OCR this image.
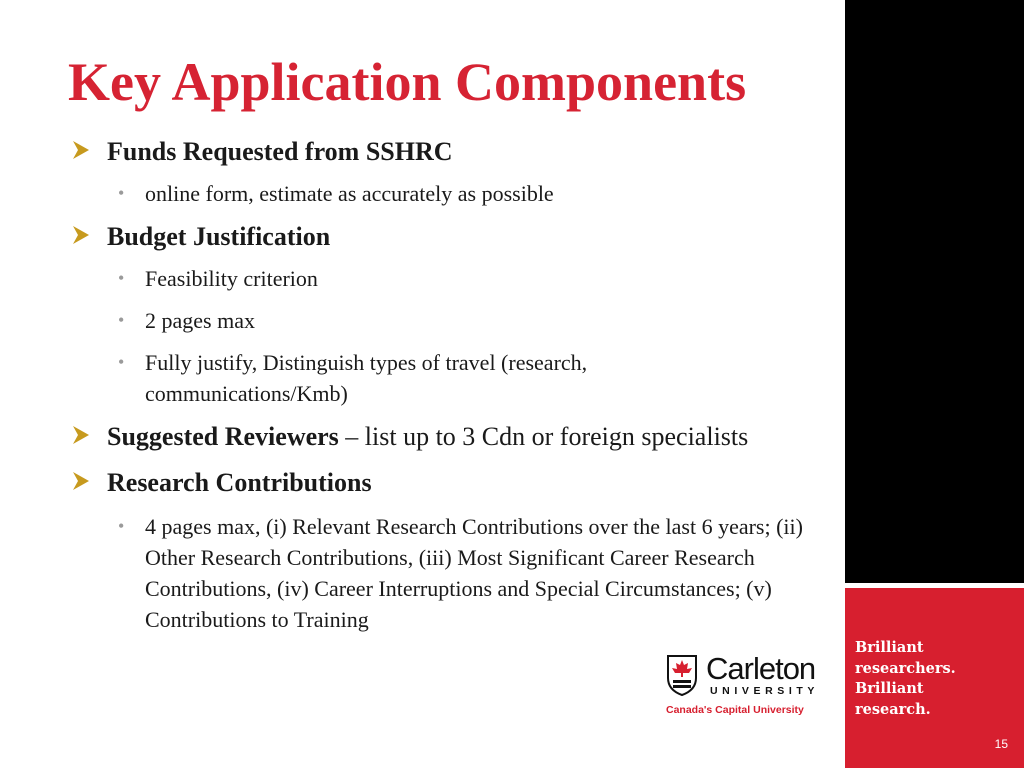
Key Application Components
Funds Requested from SSHRC
• online form, estimate as accurately as possible
Budget Justification
• Feasibility criterion
• 2 pages max
• Fully justify, Distinguish types of travel (research, communications/Kmb)
Suggested Reviewers – list up to 3 Cdn or foreign specialists
Research Contributions
• 4 pages max, (i) Relevant Research Contributions over the last 6 years; (ii) Other Research Contributions, (iii) Most Significant Career Research Contributions, (iv) Career Interruptions and Special Circumstances; (v) Contributions to Training
Brilliant
researchers.
Brilliant
research.
15
Carleton
UNIVERSITY
Canada's Capital University
